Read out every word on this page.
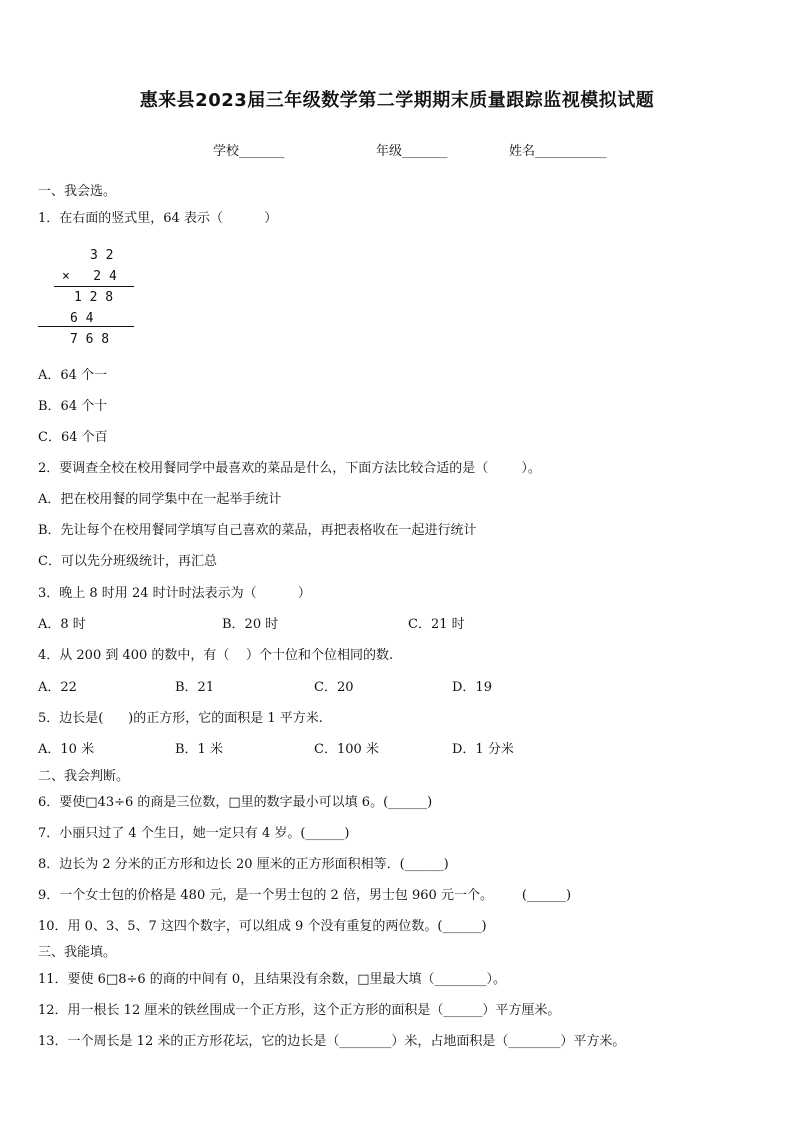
惠来县2023届三年级数学第二学期期末质量跟踪监视模拟试题
学校_______	年级_______	姓名___________
一、我会选。
1．在右面的竖式里，64 表示（          ）
3 2
×   2 4
1 2 8
6 4
7 6 8
A．64 个一
B．64 个十
C．64 个百
2．要调查全校在校用餐同学中最喜欢的菜品是什么，下面方法比较合适的是（        ）。
A．把在校用餐的同学集中在一起举手统计
B．先让每个在校用餐同学填写自己喜欢的菜品，再把表格收在一起进行统计
C．可以先分班级统计，再汇总
3．晚上 8 时用 24 时计时法表示为（          ）
A．8 时	B．20 时	C．21 时
4．从 200 到 400 的数中，有（    ）个十位和个位相同的数.
A．22	B．21	C．20	D．19
5．边长是(      )的正方形，它的面积是 1 平方米.
A．10 米	B．1 米	C．100 米	D．1 分米
二、我会判断。
6．要使□43÷6 的商是三位数，□里的数字最小可以填 6。(______)
7．小丽只过了 4 个生日，她一定只有 4 岁。(______)
8．边长为 2 分米的正方形和边长 20 厘米的正方形面积相等．(______)
9．一个女士包的价格是 480 元，是一个男士包的 2 倍，男士包 960 元一个。       (______)
10．用 0、3、5、7 这四个数字，可以组成 9 个没有重复的两位数。(______)
三、我能填。
11．要使 6□8÷6 的商的中间有 0，且结果没有余数，□里最大填（________）。
12．用一根长 12 厘米的铁丝围成一个正方形，这个正方形的面积是（______）平方厘米。
13．一个周长是 12 米的正方形花坛，它的边长是（________）米，占地面积是（________）平方米。
